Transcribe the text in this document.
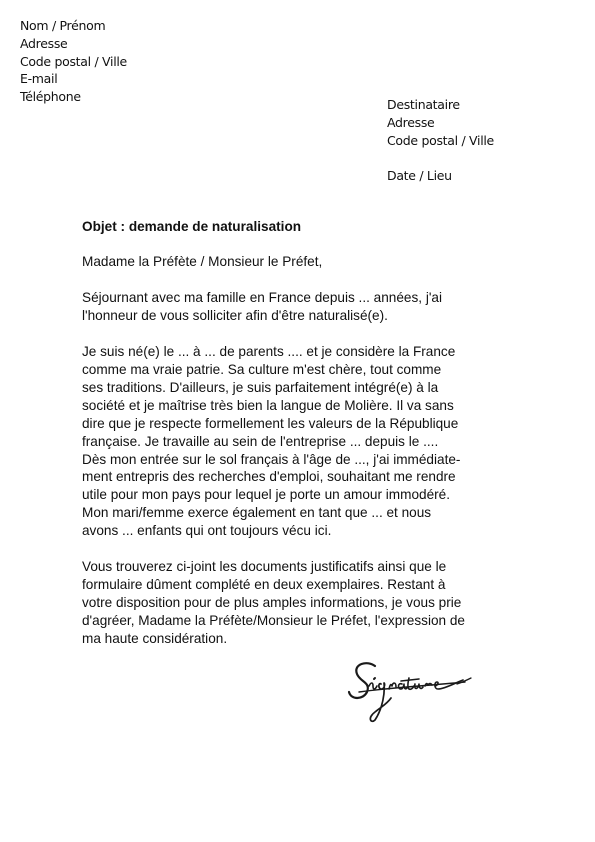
Nom / Prénom
Adresse
Code postal / Ville
E-mail
Téléphone
Destinataire
Adresse
Code postal / Ville
Date / Lieu
Objet : demande de naturalisation
Madame la Préfète / Monsieur le Préfet,
Séjournant avec ma famille en France depuis ... années, j'ai
l'honneur de vous solliciter afin d'être naturalisé(e).
Je suis né(e) le ... à ... de parents .... et je considère la France
comme ma vraie patrie. Sa culture m'est chère, tout comme
ses traditions. D'ailleurs, je suis parfaitement intégré(e) à la
société et je maîtrise très bien la langue de Molière. Il va sans
dire que je respecte formellement les valeurs de la République
française. Je travaille au sein de l'entreprise ... depuis le ....
Dès mon entrée sur le sol français à l'âge de ..., j'ai immédiate-
ment entrepris des recherches d'emploi, souhaitant me rendre
utile pour mon pays pour lequel je porte un amour immodéré.
Mon mari/femme exerce également en tant que ... et nous
avons ... enfants qui ont toujours vécu ici.
Vous trouverez ci-joint les documents justificatifs ainsi que le
formulaire dûment complété en deux exemplaires. Restant à
votre disposition pour de plus amples informations, je vous prie
d'agréer, Madame la Préfète/Monsieur le Préfet, l'expression de
ma haute considération.
